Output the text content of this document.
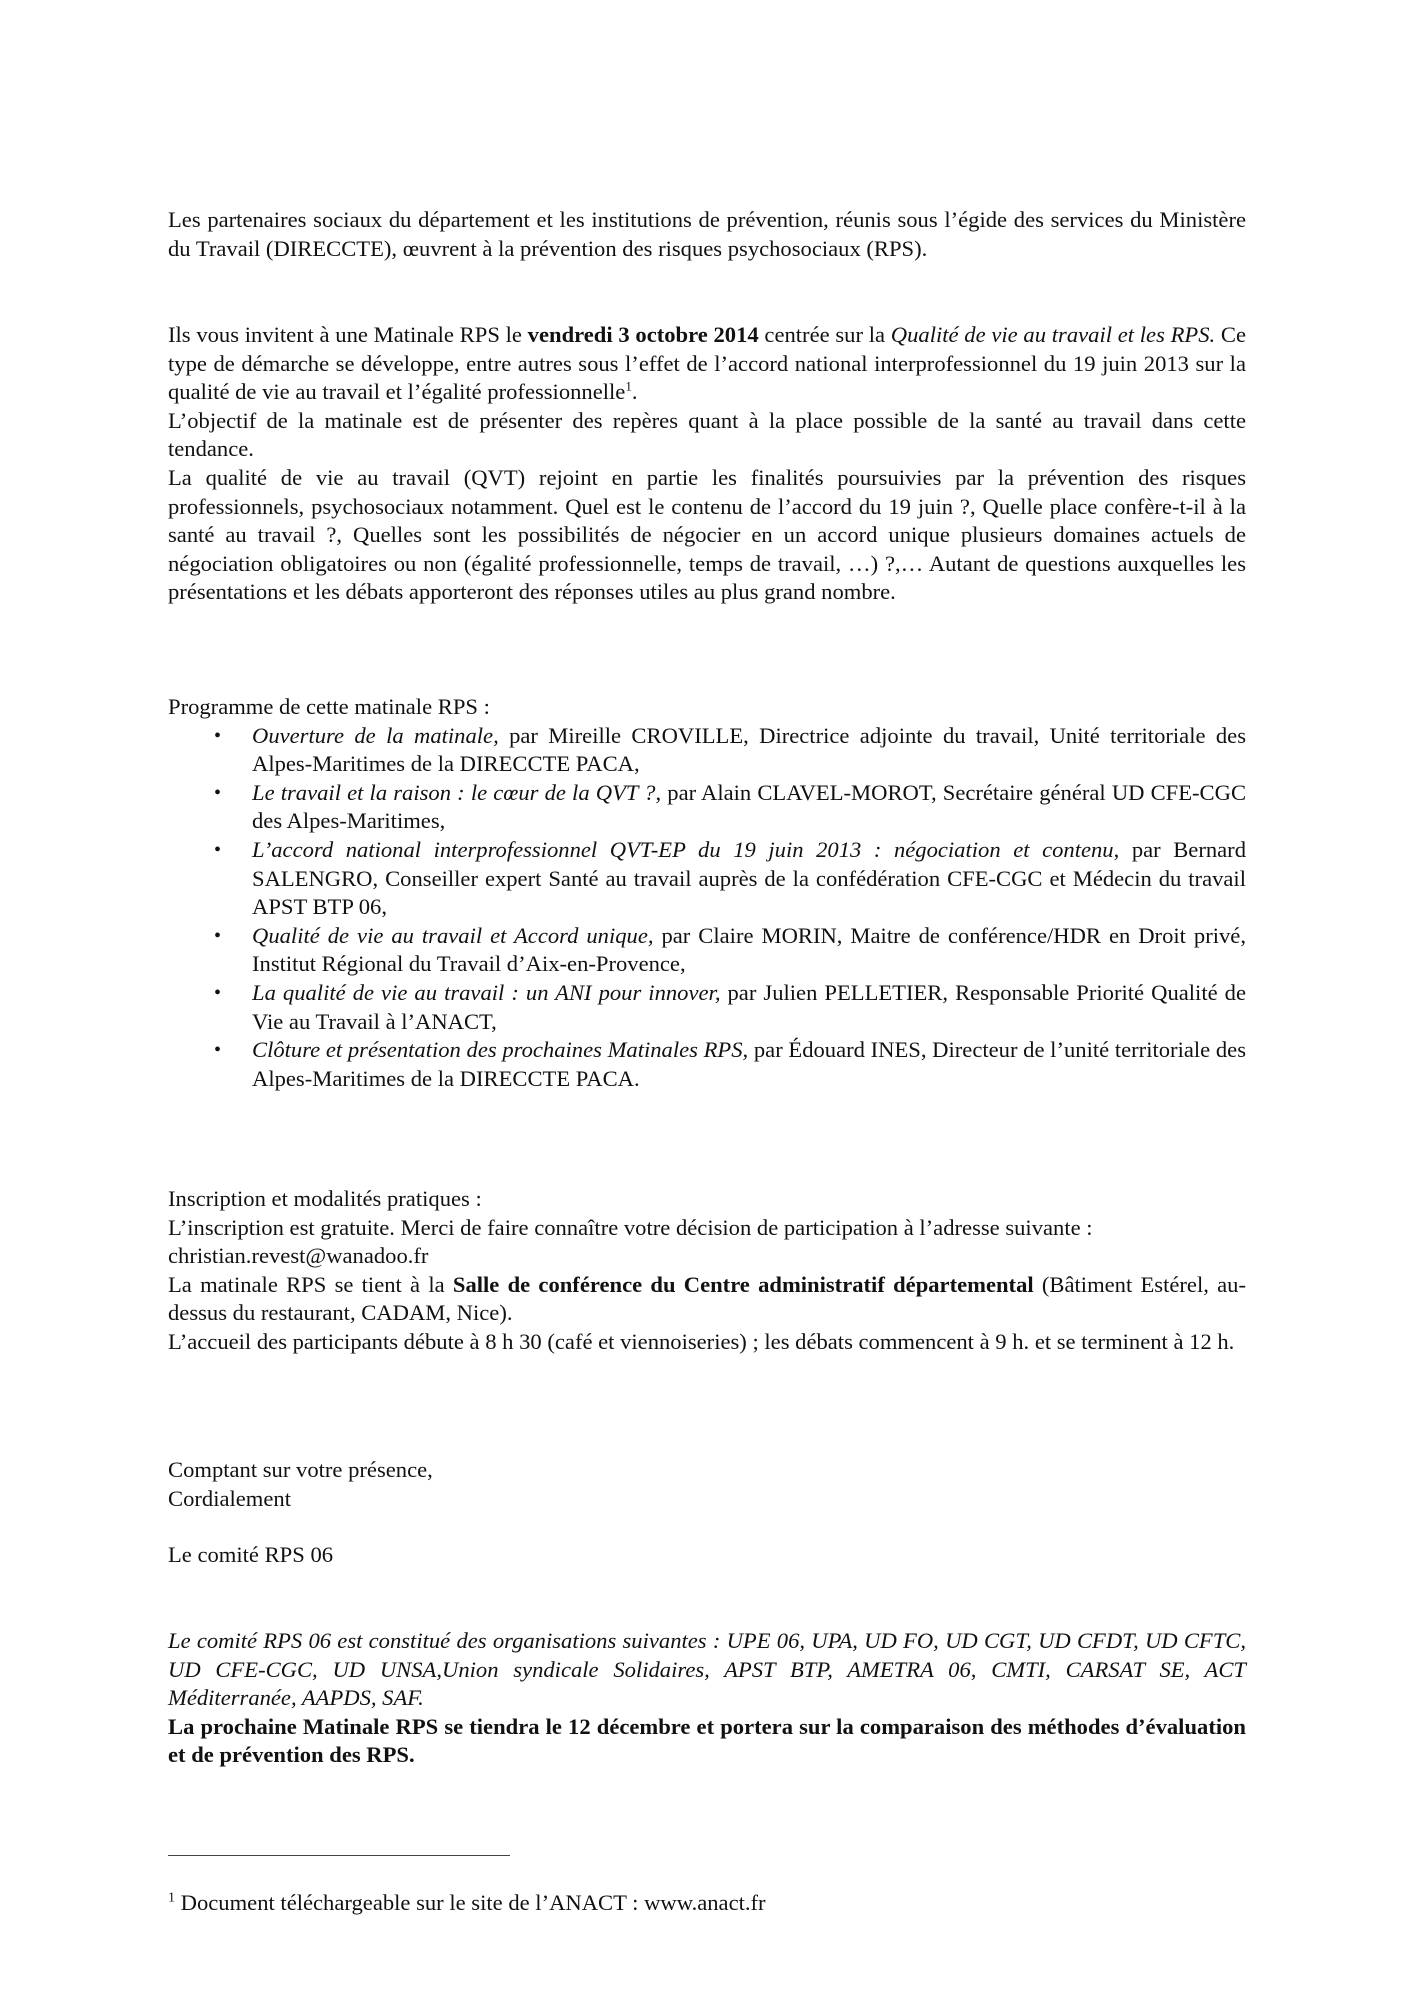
Les partenaires sociaux du département et les institutions de prévention, réunis sous l’égide des services du Ministère du Travail (DIRECCTE), œuvrent à la prévention des risques psychosociaux (RPS).

Ils vous invitent à une Matinale RPS le vendredi 3 octobre 2014 centrée sur la Qualité de vie au travail et les RPS. Ce type de démarche se développe, entre autres sous l’effet de l’accord national interprofessionnel du 19 juin 2013 sur la qualité de vie au travail et l’égalité professionnelle$^1$.

L’objectif de la matinale est de présenter des repères quant à la place possible de la santé au travail dans cette tendance.

La qualité de vie au travail (QVT) rejoint en partie les finalités poursuivies par la prévention des risques professionnels, psychosociaux notamment. Quel est le contenu de l’accord du 19 juin ?, Quelle place confère-t-il à la santé au travail ?, Quelles sont les possibilités de négocier en un accord unique plusieurs domaines actuels de négociation obligatoires ou non (égalité professionnelle, temps de travail, …) ?,… Autant de questions auxquelles les présentations et les débats apporteront des réponses utiles au plus grand nombre.

Programme de cette matinale RPS :

• Ouverture de la matinale, par Mireille CROVILLE, Directrice adjointe du travail, Unité territoriale des Alpes-Maritimes de la DIRECCTE PACA,
• Le travail et la raison : le cœur de la QVT ?, par Alain CLAVEL-MOROT, Secrétaire général UD CFE-CGC des Alpes-Maritimes,
• L’accord national interprofessionnel QVT-EP du 19 juin 2013 : négociation et contenu, par Bernard SALENGRO, Conseiller expert Santé au travail auprès de la confédération CFE-CGC et Médecin du travail APST BTP 06,
• Qualité de vie au travail et Accord unique, par Claire MORIN, Maitre de conférence/HDR en Droit privé, Institut Régional du Travail d’Aix-en-Provence,
• La qualité de vie au travail : un ANI pour innover, par Julien PELLETIER, Responsable Priorité Qualité de Vie au Travail à l’ANACT,
• Clôture et présentation des prochaines Matinales RPS, par Édouard INES, Directeur de l’unité territoriale des Alpes-Maritimes de la DIRECCTE PACA.

Inscription et modalités pratiques :

L’inscription est gratuite. Merci de faire connaître votre décision de participation à l’adresse suivante :

christian.revest@wanadoo.fr

La matinale RPS se tient à la Salle de conférence du Centre administratif départemental (Bâtiment Estérel, au-dessus du restaurant, CADAM, Nice).

L’accueil des participants débute à 8 h 30 (café et viennoiseries) ; les débats commencent à 9 h. et se terminent à 12 h.

Comptant sur votre présence,

Cordialement

Le comité RPS 06

Le comité RPS 06 est constitué des organisations suivantes : UPE 06, UPA, UD FO, UD CGT, UD CFDT, UD CFTC, UD CFE-CGC, UD UNSA,Union syndicale Solidaires, APST BTP, AMETRA 06, CMTI, CARSAT SE, ACT Méditerranée, AAPDS, SAF.

La prochaine Matinale RPS se tiendra le 12 décembre et portera sur la comparaison des méthodes d’évaluation et de prévention des RPS.

$^1$ Document téléchargeable sur le site de l’ANACT : www.anact.fr
